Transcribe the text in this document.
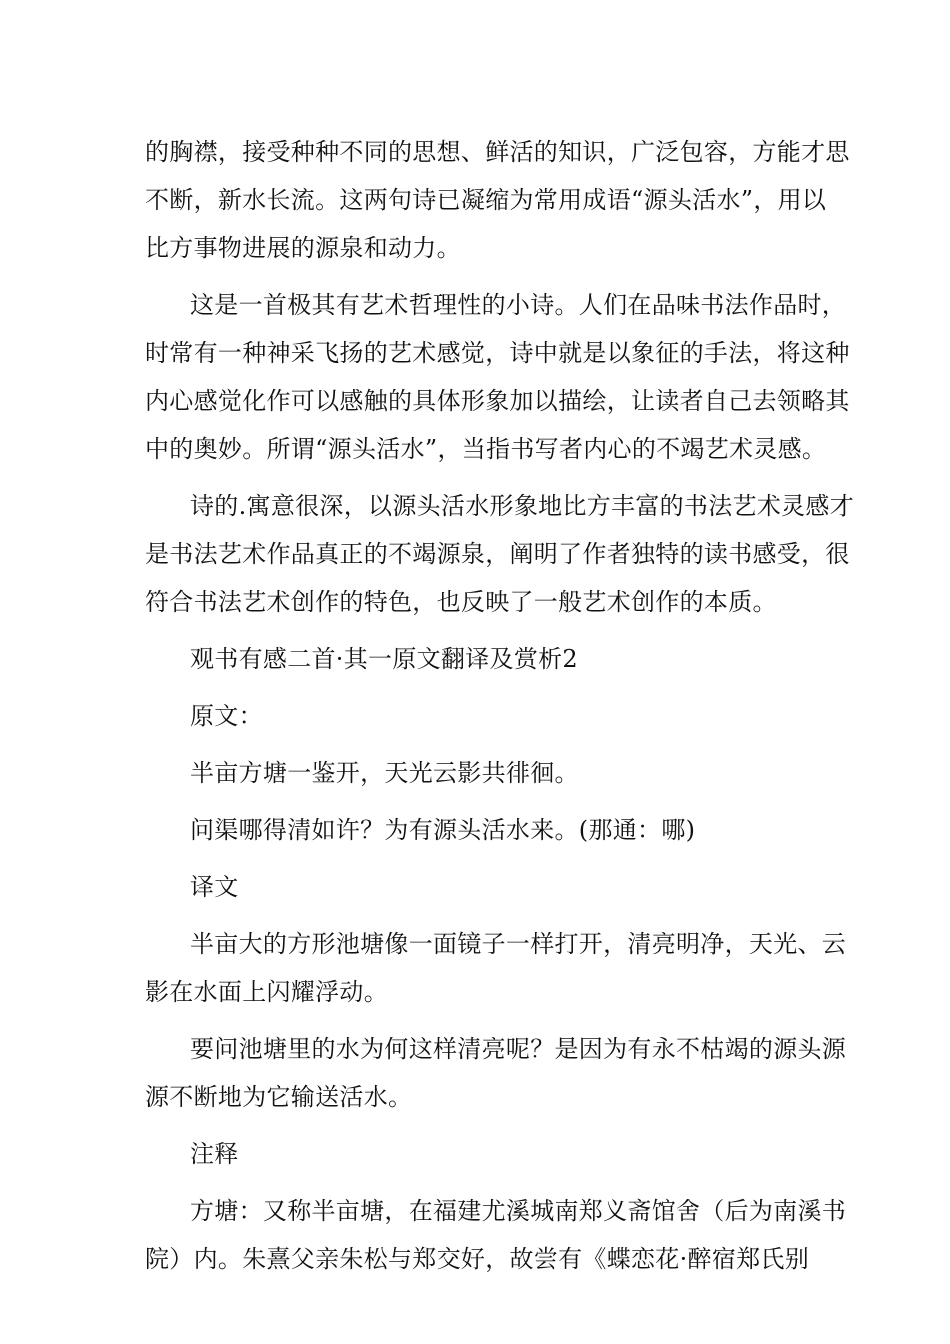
的胸襟，接受种种不同的思想、鲜活的知识，广泛包容，方能才思
不断，新水长流。这两句诗已凝缩为常用成语“源头活水”，用以
比方事物进展的源泉和动力。
这是一首极其有艺术哲理性的小诗。人们在品味书法作品时，
时常有一种神采飞扬的艺术感觉，诗中就是以象征的手法，将这种
内心感觉化作可以感触的具体形象加以描绘，让读者自己去领略其
中的奥妙。所谓“源头活水”，当指书写者内心的不竭艺术灵感。
诗的.寓意很深，以源头活水形象地比方丰富的书法艺术灵感才
是书法艺术作品真正的不竭源泉，阐明了作者独特的读书感受，很
符合书法艺术创作的特色，也反映了一般艺术创作的本质。
观书有感二首·其一原文翻译及赏析2
原文：
半亩方塘一鉴开，天光云影共徘徊。
问渠哪得清如许？为有源头活水来。(那通：哪)
译文
半亩大的方形池塘像一面镜子一样打开，清亮明净，天光、云
影在水面上闪耀浮动。
要问池塘里的水为何这样清亮呢？是因为有永不枯竭的源头源
源不断地为它输送活水。
注释
方塘：又称半亩塘，在福建尤溪城南郑义斋馆舍（后为南溪书
院）内。朱熹父亲朱松与郑交好，故尝有《蝶恋花·醉宿郑氏别
